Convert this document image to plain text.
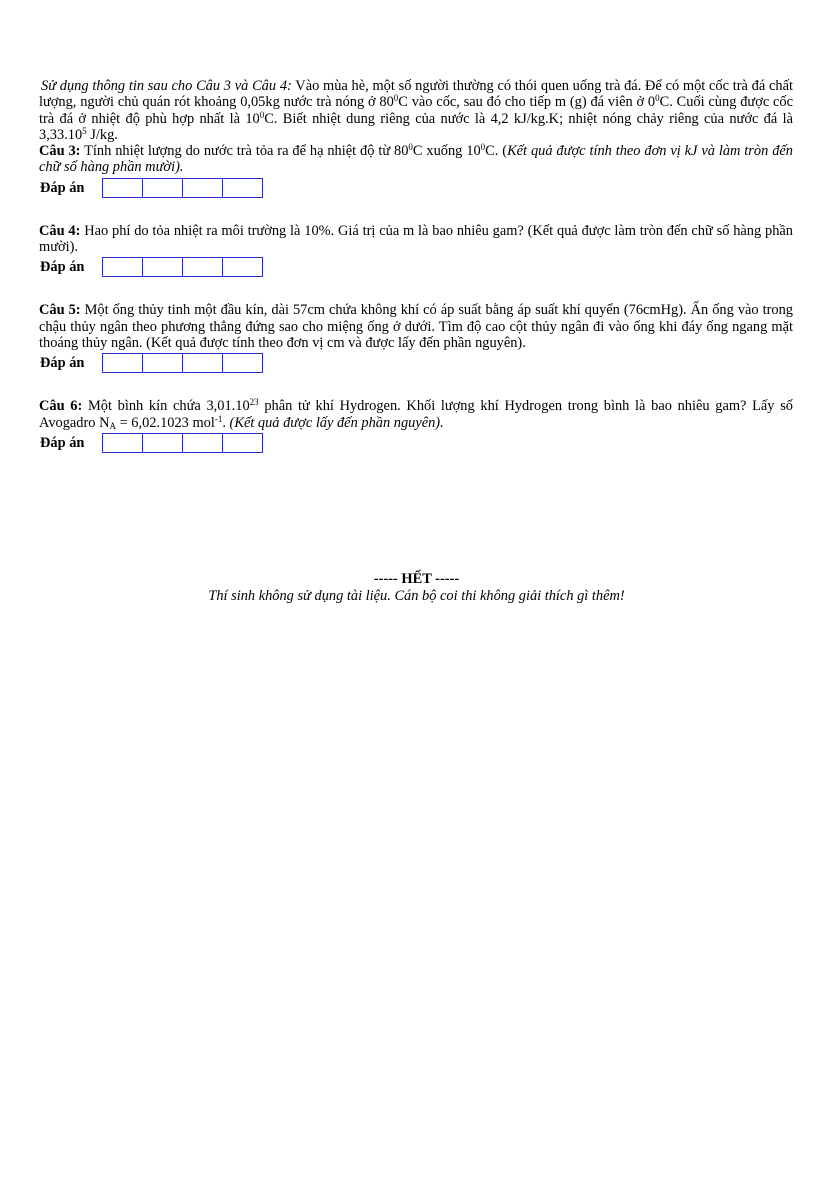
Sử dụng thông tin sau cho Câu 3 và Câu 4: Vào mùa hè, một số người thường có thói quen uống trà đá. Để có một cốc trà đá chất lượng, người chủ quán rót khoảng 0,05kg nước trà nóng ở $80^0C$ vào cốc, sau đó cho tiếp m (g) đá viên ở $0^0C$. Cuối cùng được cốc trà đá ở nhiệt độ phù hợp nhất là $10^0C$. Biết nhiệt dung riêng của nước là 4,2 kJ/kg.K; nhiệt nóng chảy riêng của nước đá là 3,33.10$^5$ J/kg.

Câu 3: Tính nhiệt lượng do nước trà tỏa ra để hạ nhiệt độ từ $80^0C$ xuống $10^0C$. (Kết quả được tính theo đơn vị kJ và làm tròn đến chữ số hàng phần mười).

Đáp án

Câu 4: Hao phí do tỏa nhiệt ra môi trường là 10%. Giá trị của m là bao nhiêu gam? (Kết quả được làm tròn đến chữ số hàng phần mười).

Đáp án

Câu 5: Một ống thủy tinh một đầu kín, dài 57cm chứa không khí có áp suất bằng áp suất khí quyển (76cmHg). Ấn ống vào trong chậu thủy ngân theo phương thẳng đứng sao cho miệng ống ở dưới. Tìm độ cao cột thủy ngân đi vào ống khi đáy ống ngang mặt thoáng thủy ngân. (Kết quả được tính theo đơn vị cm và được lấy đến phần nguyên).

Đáp án

Câu 6: Một bình kín chứa 3,01.10$^{23}$ phân tử khí Hydrogen. Khối lượng khí Hydrogen trong bình là bao nhiêu gam? Lấy số Avogadro $N_A = 6,02.1023$ mol$^{-1}$. (Kết quả được lấy đến phần nguyên).

Đáp án
----- HẾT -----
Thí sinh không sử dụng tài liệu. Cán bộ coi thi không giải thích gì thêm!
